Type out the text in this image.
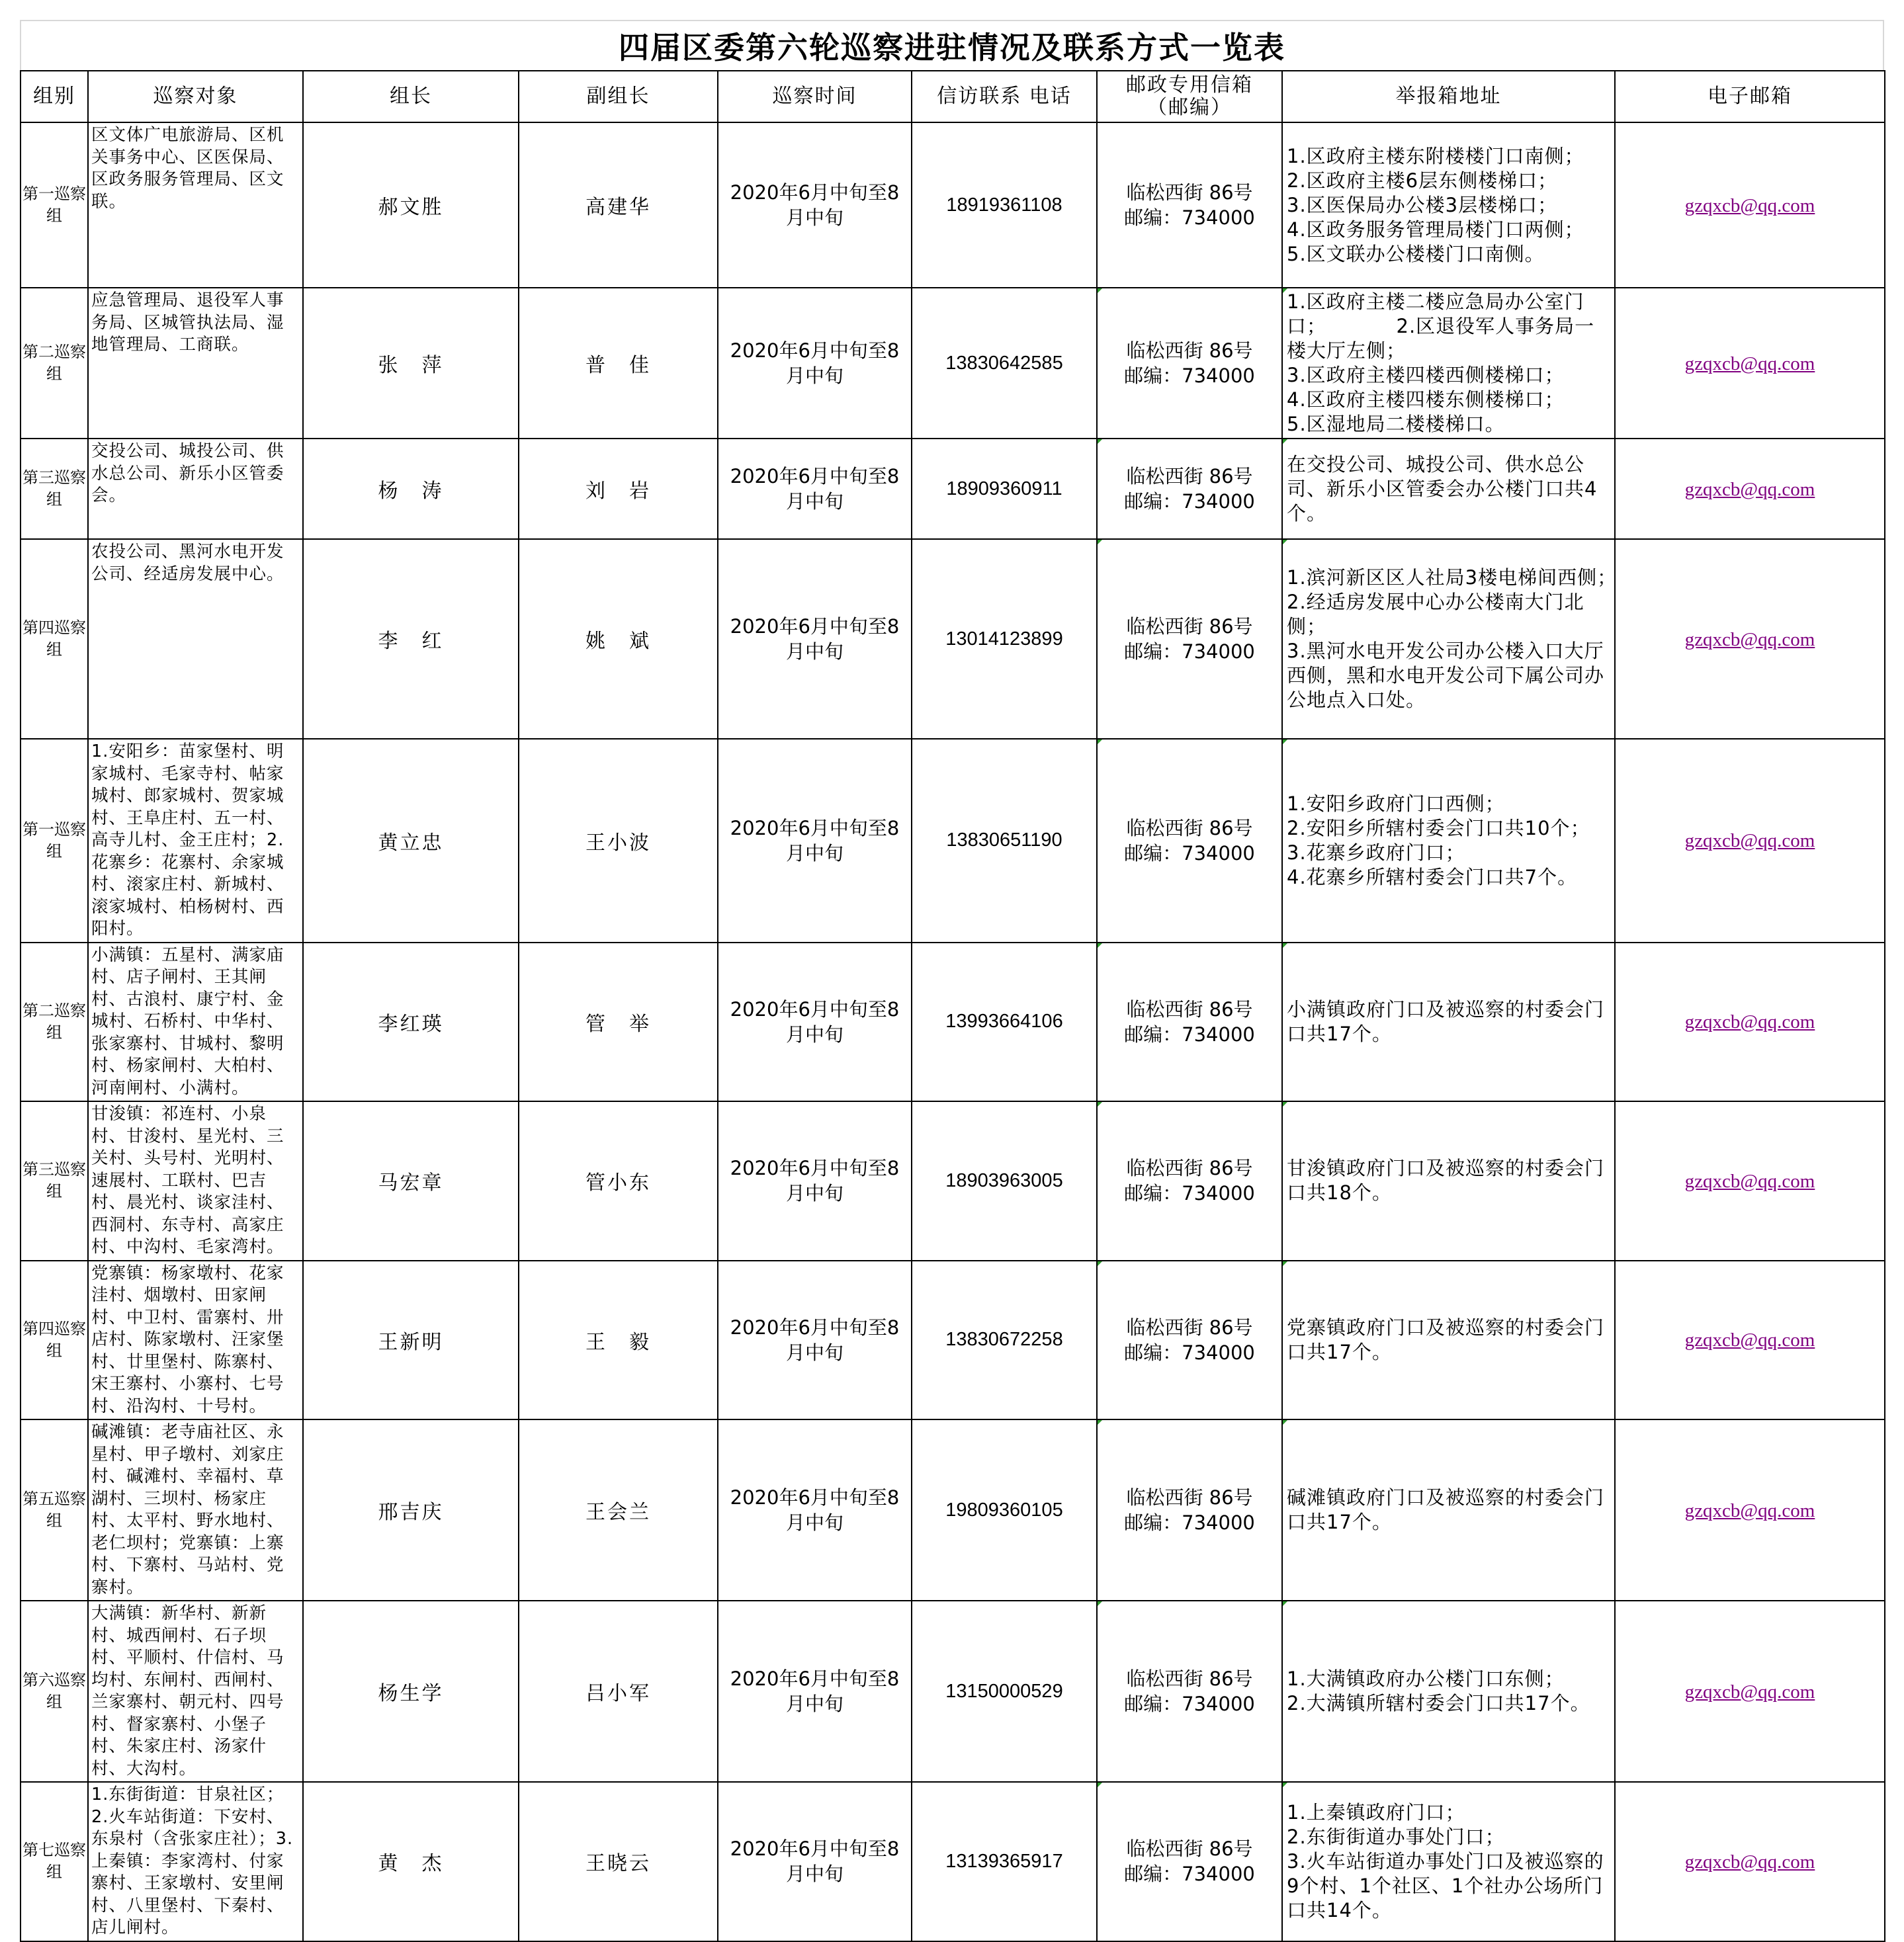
四届区委第六轮巡察进驻情况及联系方式一览表
组别	巡察对象	组长	副组长	巡察时间	信访联系 电话	邮政专用信箱
（邮编）	举报箱地址	电子邮箱
第一巡察组	区文体广电旅游局、区机关事务中心、区医保局、区政务服务管理局、区文联。	郝文胜	高建华	2020年6月中旬至8月中旬	18919361108	临松西街 86号
邮编：734000	1.区政府主楼东附楼楼门口南侧；
2.区政府主楼6层东侧楼梯口；
3.区医保局办公楼3层楼梯口；
4.区政务服务管理局楼门口两侧；
5.区文联办公楼楼门口南侧。	gzqxcb@qq.com
第二巡察组	应急管理局、退役军人事务局、区城管执法局、湿地管理局、工商联。	张　萍	普　佳	2020年6月中旬至8月中旬	13830642585	临松西街 86号
邮编：734000	1.区政府主楼二楼应急局办公室门口；　　　　2.区退役军人事务局一楼大厅左侧；
3.区政府主楼四楼西侧楼梯口；
4.区政府主楼四楼东侧楼梯口；
5.区湿地局二楼楼梯口。	gzqxcb@qq.com
第三巡察组	交投公司、城投公司、供水总公司、新乐小区管委会。	杨　涛	刘　岩	2020年6月中旬至8月中旬	18909360911	临松西街 86号
邮编：734000	在交投公司、城投公司、供水总公司、新乐小区管委会办公楼门口共4个。	gzqxcb@qq.com
第四巡察组	农投公司、黑河水电开发公司、经适房发展中心。	李　红	姚　斌	2020年6月中旬至8月中旬	13014123899	临松西街 86号
邮编：734000	1.滨河新区区人社局3楼电梯间西侧；　　　　2.经适房发展中心办公楼南大门北侧；
3.黑河水电开发公司办公楼入口大厅西侧，黑和水电开发公司下属公司办公地点入口处。	gzqxcb@qq.com
第一巡察组	1.安阳乡：苗家堡村、明家城村、毛家寺村、帖家城村、郎家城村、贺家城村、王阜庄村、五一村、高寺儿村、金王庄村；2.花寨乡：花寨村、余家城村、滚家庄村、新城村、滚家城村、柏杨树村、西阳村。	黄立忠	王小波	2020年6月中旬至8月中旬	13830651190	临松西街 86号
邮编：734000	1.安阳乡政府门口西侧；
2.安阳乡所辖村委会门口共10个；
3.花寨乡政府门口；
4.花寨乡所辖村委会门口共7个。	gzqxcb@qq.com
第二巡察组	小满镇：五星村、满家庙村、店子闸村、王其闸村、古浪村、康宁村、金城村、石桥村、中华村、张家寨村、甘城村、黎明村、杨家闸村、大柏村、河南闸村、小满村。	李红瑛	管　举	2020年6月中旬至8月中旬	13993664106	临松西街 86号
邮编：734000	小满镇政府门口及被巡察的村委会门口共17个。	gzqxcb@qq.com
第三巡察组	甘浚镇：祁连村、小泉村、甘浚村、星光村、三关村、头号村、光明村、速展村、工联村、巴吉村、晨光村、谈家洼村、西洞村、东寺村、高家庄村、中沟村、毛家湾村。	马宏章	管小东	2020年6月中旬至8月中旬	18903963005	临松西街 86号
邮编：734000	甘浚镇政府门口及被巡察的村委会门口共18个。	gzqxcb@qq.com
第四巡察组	党寨镇：杨家墩村、花家洼村、烟墩村、田家闸村、中卫村、雷寨村、卅店村、陈家墩村、汪家堡村、廿里堡村、陈寨村、宋王寨村、小寨村、七号村、沿沟村、十号村。	王新明	王　毅	2020年6月中旬至8月中旬	13830672258	临松西街 86号
邮编：734000	党寨镇政府门口及被巡察的村委会门口共17个。	gzqxcb@qq.com
第五巡察组	碱滩镇：老寺庙社区、永星村、甲子墩村、刘家庄村、碱滩村、幸福村、草湖村、三坝村、杨家庄村、太平村、野水地村、老仁坝村；党寨镇：上寨村、下寨村、马站村、党寨村。	邢吉庆	王会兰	2020年6月中旬至8月中旬	19809360105	临松西街 86号
邮编：734000	碱滩镇政府门口及被巡察的村委会门口共17个。	gzqxcb@qq.com
第六巡察组	大满镇：新华村、新新村、城西闸村、石子坝村、平顺村、什信村、马均村、东闸村、西闸村、兰家寨村、朝元村、四号村、督家寨村、小堡子村、朱家庄村、汤家什村、大沟村。	杨生学	吕小军	2020年6月中旬至8月中旬	13150000529	临松西街 86号
邮编：734000	1.大满镇政府办公楼门口东侧；
2.大满镇所辖村委会门口共17个。	gzqxcb@qq.com
第七巡察组	1.东街街道：甘泉社区；2.火车站街道：下安村、东泉村（含张家庄社）；3.上秦镇：李家湾村、付家寨村、王家墩村、安里闸村、八里堡村、下秦村、店儿闸村。	黄　杰	王晓云	2020年6月中旬至8月中旬	13139365917	临松西街 86号
邮编：734000	1.上秦镇政府门口；
2.东街街道办事处门口；
3.火车站街道办事处门口及被巡察的9个村、1个社区、1个社办公场所门口共14个。	gzqxcb@qq.com
